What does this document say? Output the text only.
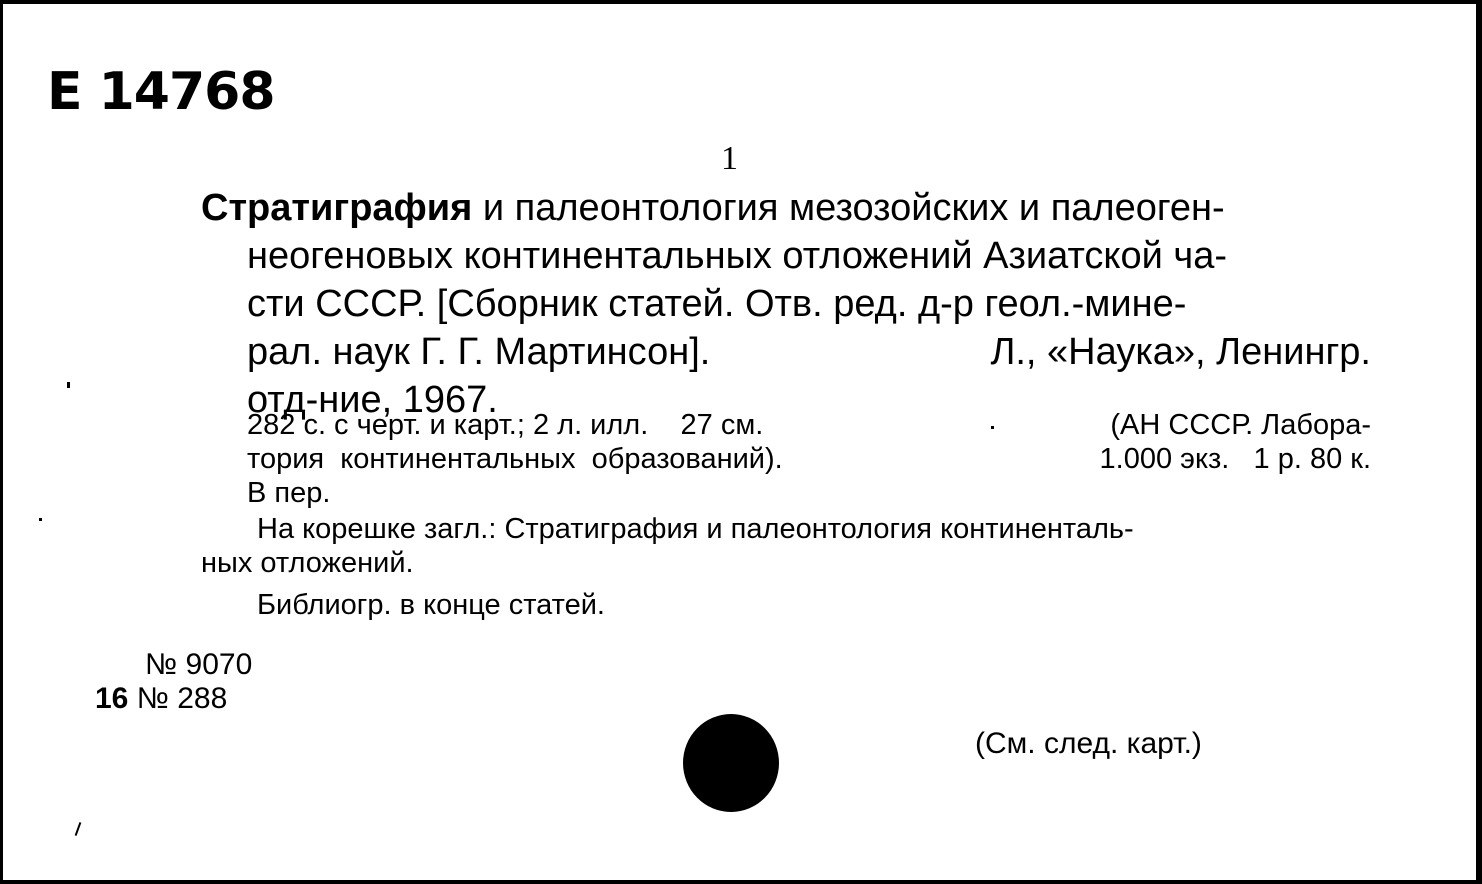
E 14768
1
Стратиграфия и палеонтология мезозойских и палеоген-
неогеновых континентальных отложений Азиатской ча-
сти СССР. [Сборник статей. Отв. ред. д-р геол.-мине-
рал. наук Г. Г. Мартинсон].	Л., «Наука», Ленингр.
отд-ние, 1967.
282 с. с черт. и карт.; 2 л. илл.    27 см.	(АН СССР. Лабора-
тория  континентальных  образований).	1.000 экз.   1 р. 80 к.
В пер.
На корешке загл.: Стратиграфия и палеонтология континенталь-
ных отложений.
Библиогр. в конце статей.
№ 9070
16 № 288
(См. след. карт.)
